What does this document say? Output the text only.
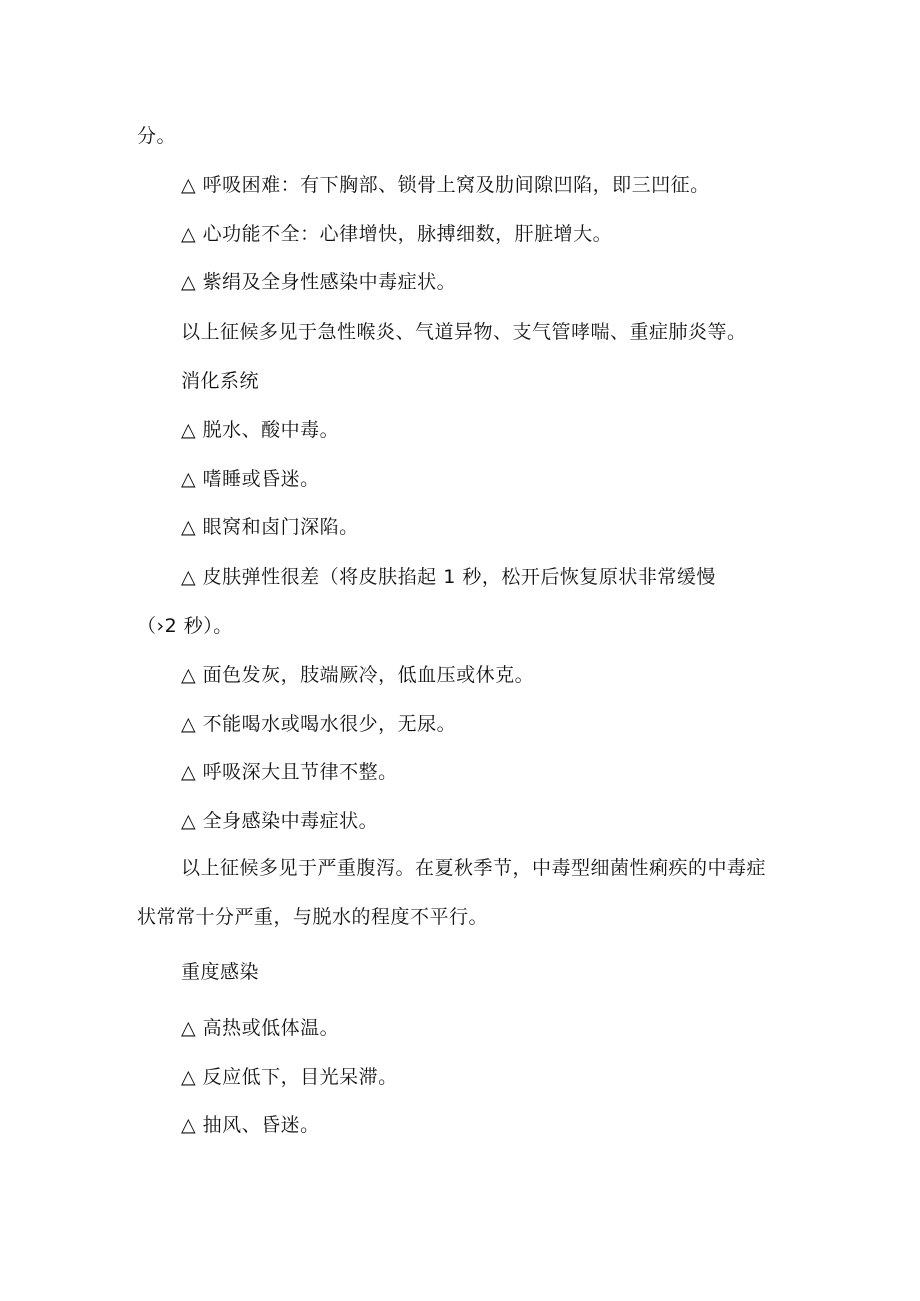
分。
△ 呼吸困难：有下胸部、锁骨上窝及肋间隙凹陷，即三凹征。
△ 心功能不全：心律增快，脉搏细数，肝脏增大。
△ 紫绢及全身性感染中毒症状。
以上征候多见于急性喉炎、气道异物、支气管哮喘、重症肺炎等。
消化系统
△ 脱水、酸中毒。
△ 嗜睡或昏迷。
△ 眼窝和卤门深陷。
△ 皮肤弹性很差（将皮肤掐起 1 秒，松开后恢复原状非常缓慢
（›2 秒）。
△ 面色发灰，肢端厥冷，低血压或休克。
△ 不能喝水或喝水很少，无尿。
△ 呼吸深大且节律不整。
△ 全身感染中毒症状。
以上征候多见于严重腹泻。在夏秋季节，中毒型细菌性痢疾的中毒症
状常常十分严重，与脱水的程度不平行。
重度感染
△ 高热或低体温。
△ 反应低下，目光呆滞。
△ 抽风、昏迷。
